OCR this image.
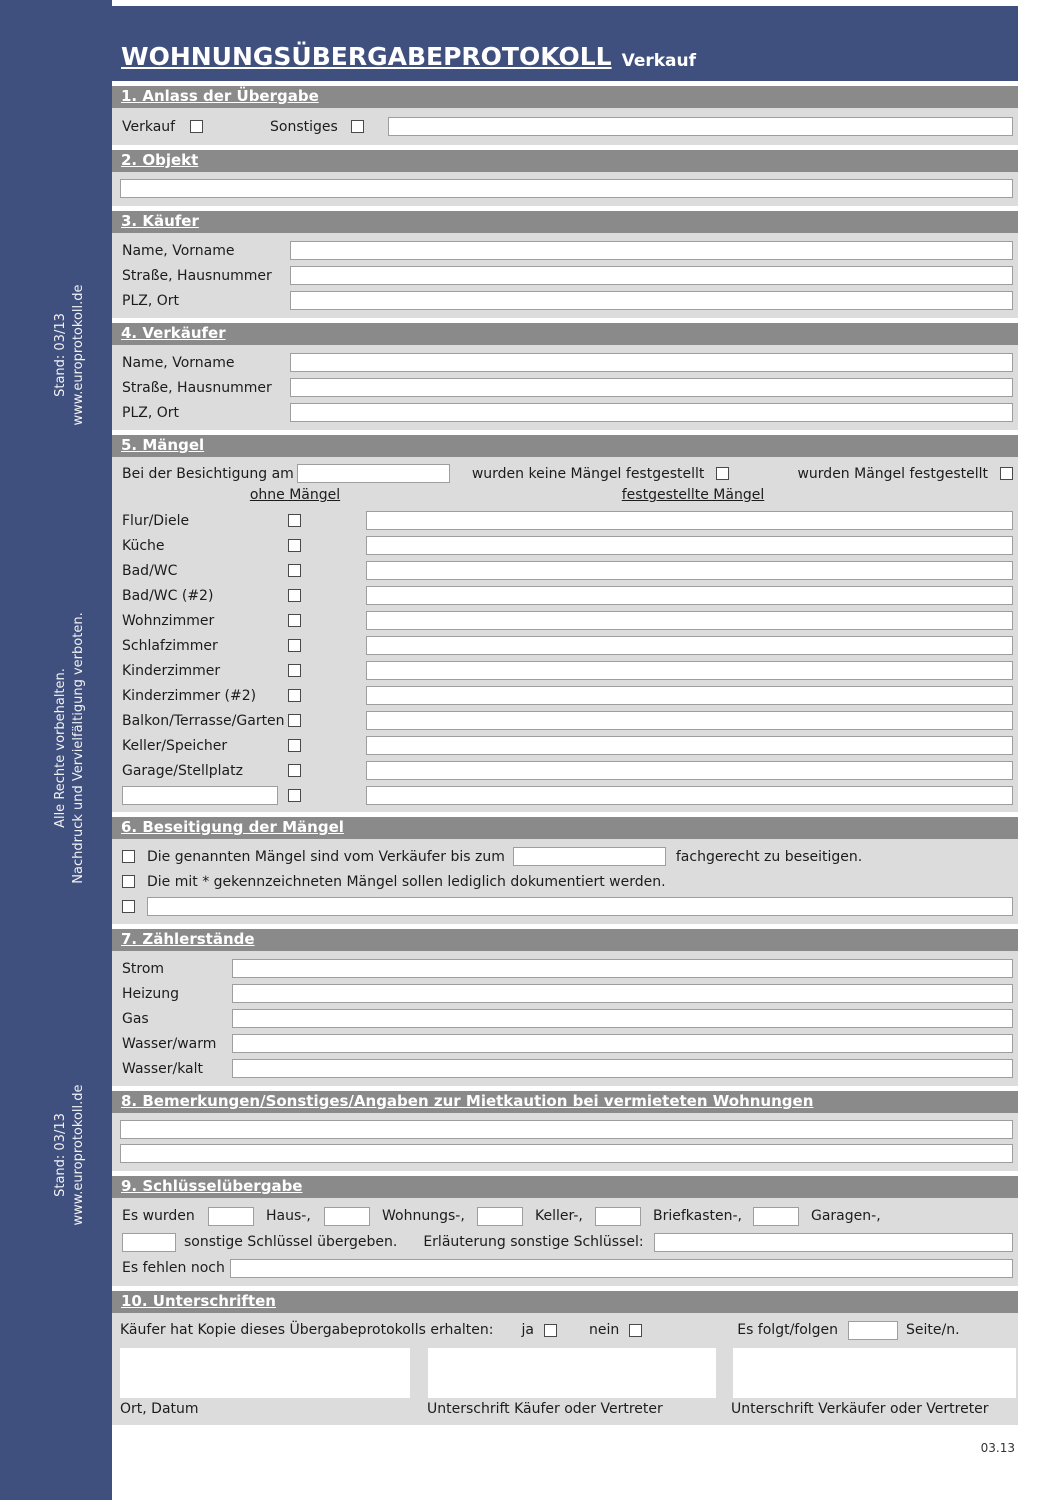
Stand: 03/13 www.europrotokoll.de
Alle Rechte vorbehalten. Nachdruck und Vervielfältigung verboten.
Stand: 03/13 www.europrotokoll.de
WOHNUNGSÜBERGABEPROTOKOLL Verkauf
1. Anlass der Übergabe
Verkauf	Sonstiges
2. Objekt
3. Käufer
Name, Vorname
Straße, Hausnummer
PLZ, Ort
4. Verkäufer
Name, Vorname
Straße, Hausnummer
PLZ, Ort
5. Mängel
Bei der Besichtigung am	wurden keine Mängel festgestellt	wurden Mängel festgestellt
ohne Mängel	festgestellte Mängel
Flur/Diele
Küche
Bad/WC
Bad/WC (#2)
Wohnzimmer
Schlafzimmer
Kinderzimmer
Kinderzimmer (#2)
Balkon/Terrasse/Garten
Keller/Speicher
Garage/Stellplatz
6. Beseitigung der Mängel
Die genannten Mängel sind vom Verkäufer bis zum	fachgerecht zu beseitigen.
Die mit * gekennzeichneten Mängel sollen lediglich dokumentiert werden.
7. Zählerstände
Strom
Heizung
Gas
Wasser/warm
Wasser/kalt
8. Bemerkungen/Sonstiges/Angaben zur Mietkaution bei vermieteten Wohnungen
9. Schlüsselübergabe
Es wurden	Haus-,	Wohnungs-,	Keller-,	Briefkasten-,	Garagen-,
sonstige Schlüssel übergeben. Erläuterung sonstige Schlüssel:
Es fehlen noch
10. Unterschriften
Käufer hat Kopie dieses Übergabeprotokolls erhalten: ja	nein	Es folgt/folgen	Seite/n.
Ort, Datum	Unterschrift Käufer oder Vertreter	Unterschrift Verkäufer oder Vertreter
03.13
